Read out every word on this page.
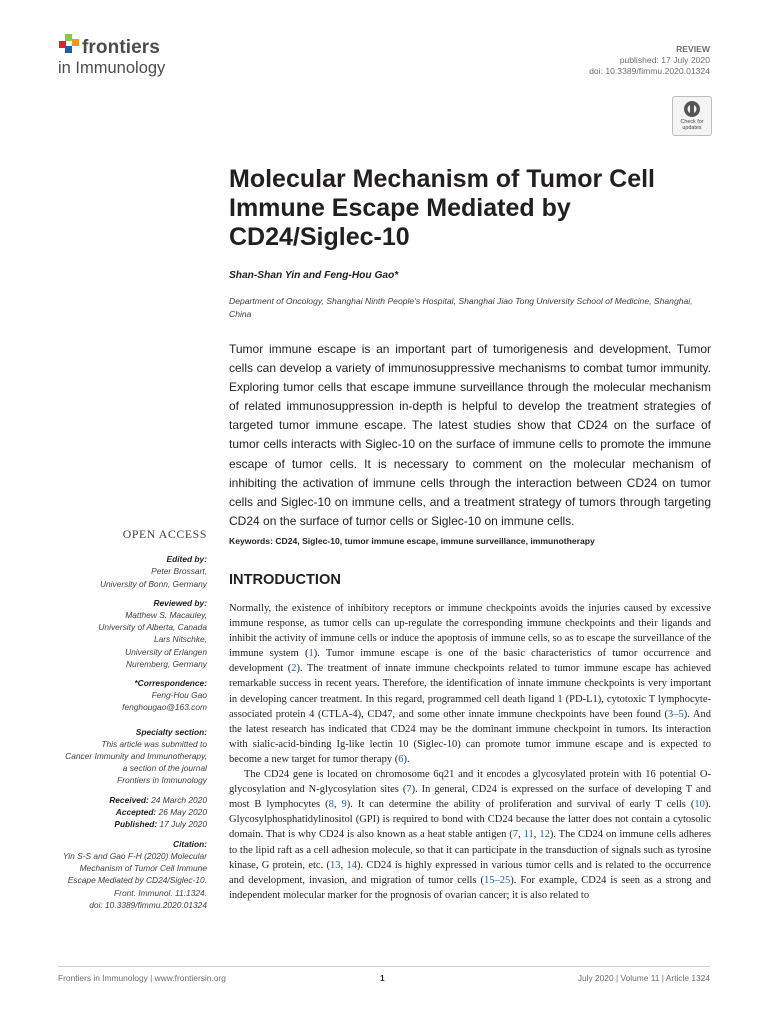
frontiers
in Immunology
REVIEW
published: 17 July 2020
doi: 10.3389/fimmu.2020.01324
Check for
updates
Molecular Mechanism of Tumor Cell
Immune Escape Mediated by
CD24/Siglec-10
Shan-Shan Yin and Feng-Hou Gao*
Department of Oncology, Shanghai Ninth People's Hospital, Shanghai Jiao Tong University School of Medicine, Shanghai, China
Tumor immune escape is an important part of tumorigenesis and development. Tumor cells can develop a variety of immunosuppressive mechanisms to combat tumor immunity. Exploring tumor cells that escape immune surveillance through the molecular mechanism of related immunosuppression in-depth is helpful to develop the treatment strategies of targeted tumor immune escape. The latest studies show that CD24 on the surface of tumor cells interacts with Siglec-10 on the surface of immune cells to promote the immune escape of tumor cells. It is necessary to comment on the molecular mechanism of inhibiting the activation of immune cells through the interaction between CD24 on tumor cells and Siglec-10 on immune cells, and a treatment strategy of tumors through targeting CD24 on the surface of tumor cells or Siglec-10 on immune cells.
Keywords: CD24, Siglec-10, tumor immune escape, immune surveillance, immunotherapy
OPEN ACCESS
Edited by:
Peter Brossart,
University of Bonn, Germany
Reviewed by:
Matthew S. Macauley,
University of Alberta, Canada
Lars Nitschke,
University of Erlangen
Nuremberg, Germany
*Correspondence:
Feng-Hou Gao
fenghougao@163.com
Specialty section:
This article was submitted to
Cancer Immunity and Immunotherapy,
a section of the journal
Frontiers in Immunology
Received: 24 March 2020
Accepted: 26 May 2020
Published: 17 July 2020
Citation:
Yin S-S and Gao F-H (2020) Molecular
Mechanism of Tumor Cell Immune
Escape Mediated by CD24/Siglec-10.
Front. Immunol. 11:1324.
doi: 10.3389/fimmu.2020.01324
INTRODUCTION

Normally, the existence of inhibitory receptors or immune checkpoints avoids the injuries caused by excessive immune response, as tumor cells can up-regulate the corresponding immune checkpoints and their ligands and inhibit the activity of immune cells or induce the apoptosis of immune cells, so as to escape the surveillance of the immune system (1). Tumor immune escape is one of the basic characteristics of tumor occurrence and development (2). The treatment of innate immune checkpoints related to tumor immune escape has achieved remarkable success in recent years. Therefore, the identification of innate immune checkpoints is very important in developing cancer treatment. In this regard, programmed cell death ligand 1 (PD-L1), cytotoxic T lymphocyte-associated protein 4 (CTLA-4), CD47, and some other innate immune checkpoints have been found (3–5). And the latest research has indicated that CD24 may be the dominant immune checkpoint in tumors. Its interaction with sialic-acid-binding Ig-like lectin 10 (Siglec-10) can promote tumor immune escape and is expected to become a new target for tumor therapy (6).

The CD24 gene is located on chromosome 6q21 and it encodes a glycosylated protein with 16 potential O-glycosylation and N-glycosylation sites (7). In general, CD24 is expressed on the surface of developing T and most B lymphocytes (8, 9). It can determine the ability of proliferation and survival of early T cells (10). Glycosylphosphatidylinositol (GPI) is required to bond with CD24 because the latter does not contain a cytosolic domain. That is why CD24 is also known as a heat stable antigen (7, 11, 12). The CD24 on immune cells adheres to the lipid raft as a cell adhesion molecule, so that it can participate in the transduction of signals such as tyrosine kinase, G protein, etc. (13, 14). CD24 is highly expressed in various tumor cells and is related to the occurrence and development, invasion, and migration of tumor cells (15–25). For example, CD24 is seen as a strong and independent molecular marker for the prognosis of ovarian cancer; it is also related to

Frontiers in Immunology | www.frontiersin.org	1	July 2020 | Volume 11 | Article 1324
